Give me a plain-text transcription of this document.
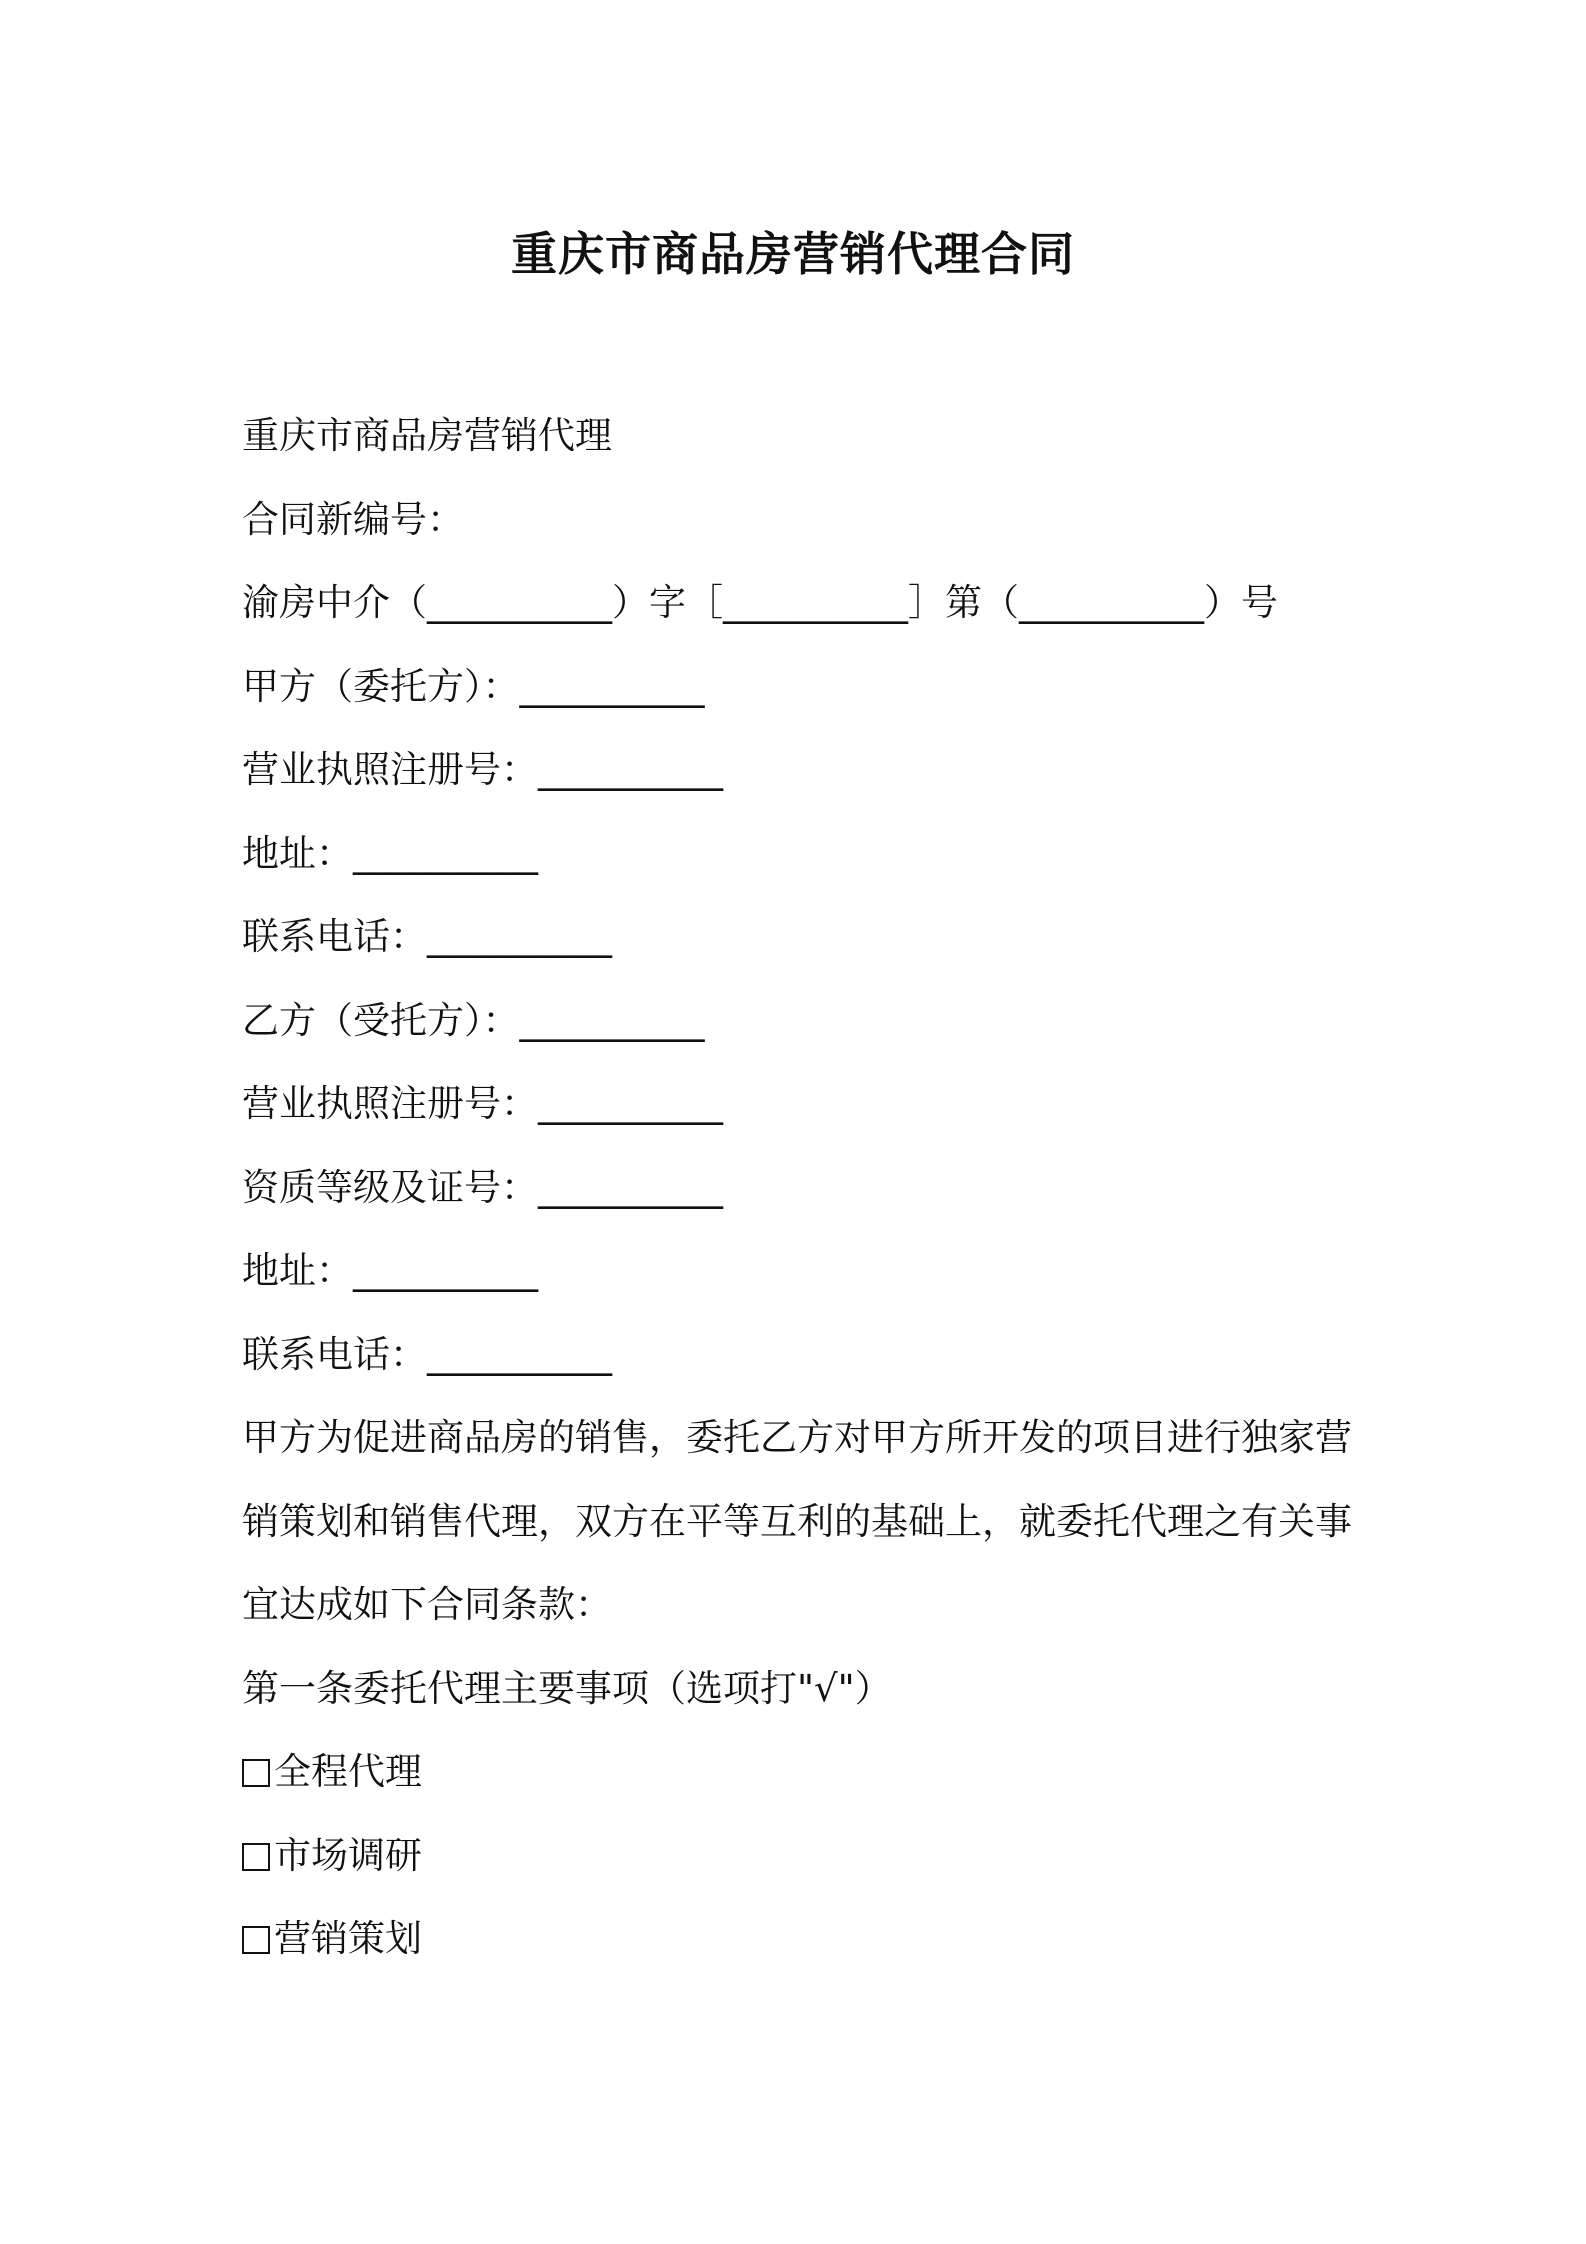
重庆市商品房营销代理合同
重庆市商品房营销代理
合同新编号：
渝房中介（__________）字［__________］第（__________）号
甲方（委托方）：__________
营业执照注册号：__________
地址：__________
联系电话：__________
乙方（受托方）：__________
营业执照注册号：__________
资质等级及证号：__________
地址：__________
联系电话：__________
甲方为促进商品房的销售，委托乙方对甲方所开发的项目进行独家营
销策划和销售代理，双方在平等互利的基础上，就委托代理之有关事
宜达成如下合同条款：
第一条委托代理主要事项（选项打"√"）
全程代理
市场调研
营销策划
